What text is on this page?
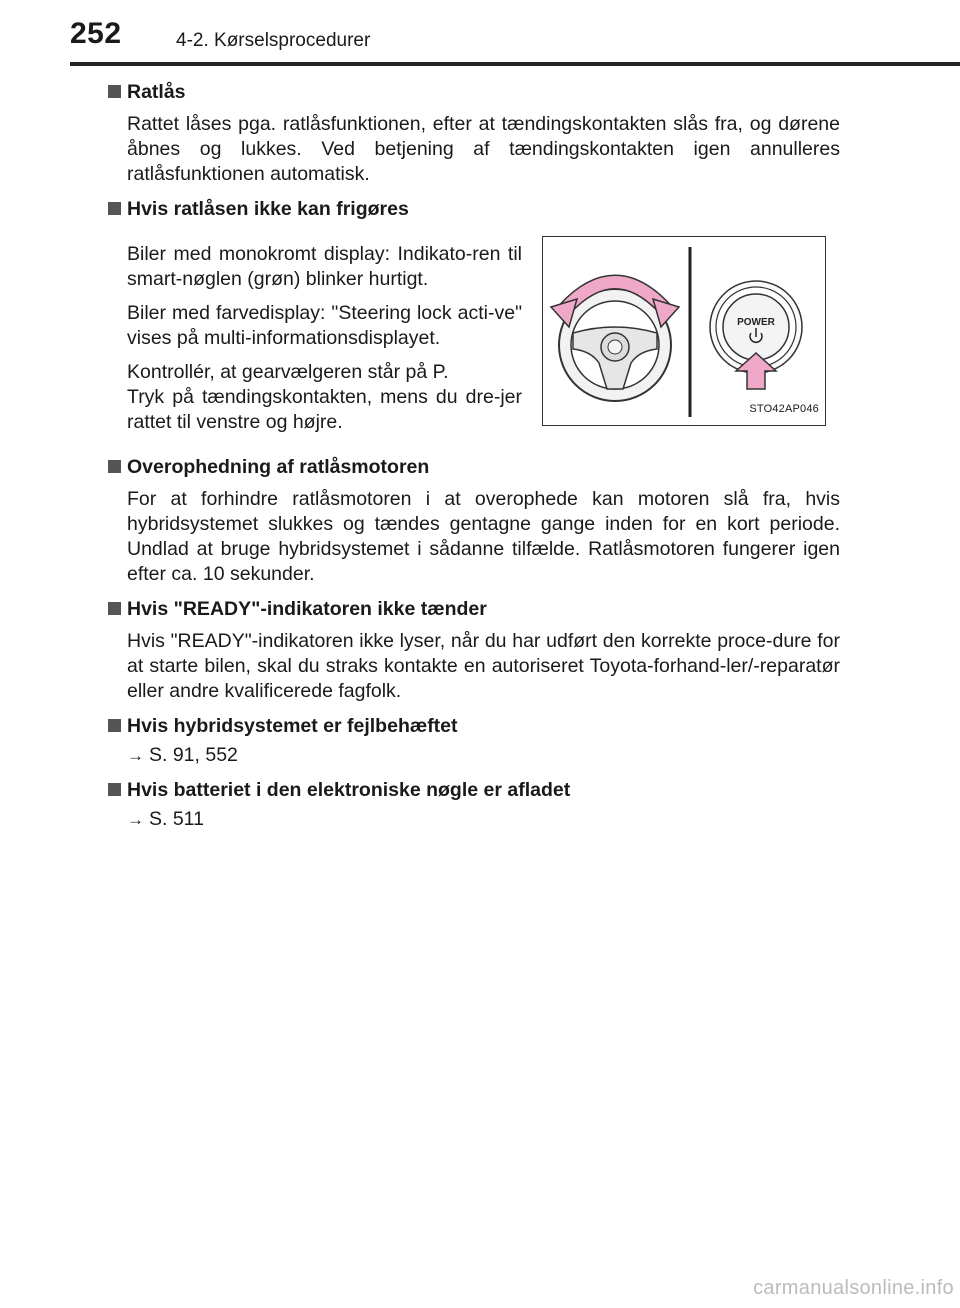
252	4-2. Kørselsprocedurer
Ratlås
Rattet låses pga. ratlåsfunktionen, efter at tændingskontakten slås fra, og dørene åbnes og lukkes. Ved betjening af tændingskontakten igen annulleres ratlåsfunktionen automatisk.
Hvis ratlåsen ikke kan frigøres
Biler med monokromt display: Indikato-ren til smart-nøglen (grøn) blinker hurtigt.
Biler med farvedisplay: "Steering lock acti-ve" vises på multi-informationsdisplayet.
Kontrollér, at gearvælgeren står på P.
Tryk på tændingskontakten, mens du dre-jer rattet til venstre og højre.
POWER
STO42AP046
Overophedning af ratlåsmotoren
For at forhindre ratlåsmotoren i at overophede kan motoren slå fra, hvis hybridsystemet slukkes og tændes gentagne gange inden for en kort periode. Undlad at bruge hybridsystemet i sådanne tilfælde. Ratlåsmotoren fungerer igen efter ca. 10 sekunder.
Hvis "READY"-indikatoren ikke tænder
Hvis "READY"-indikatoren ikke lyser, når du har udført den korrekte proce-dure for at starte bilen, skal du straks kontakte en autoriseret Toyota-forhand-ler/-reparatør eller andre kvalificerede fagfolk.
Hvis hybridsystemet er fejlbehæftet
→ S. 91, 552
Hvis batteriet i den elektroniske nøgle er afladet
→ S. 511
carmanualsonline.info
